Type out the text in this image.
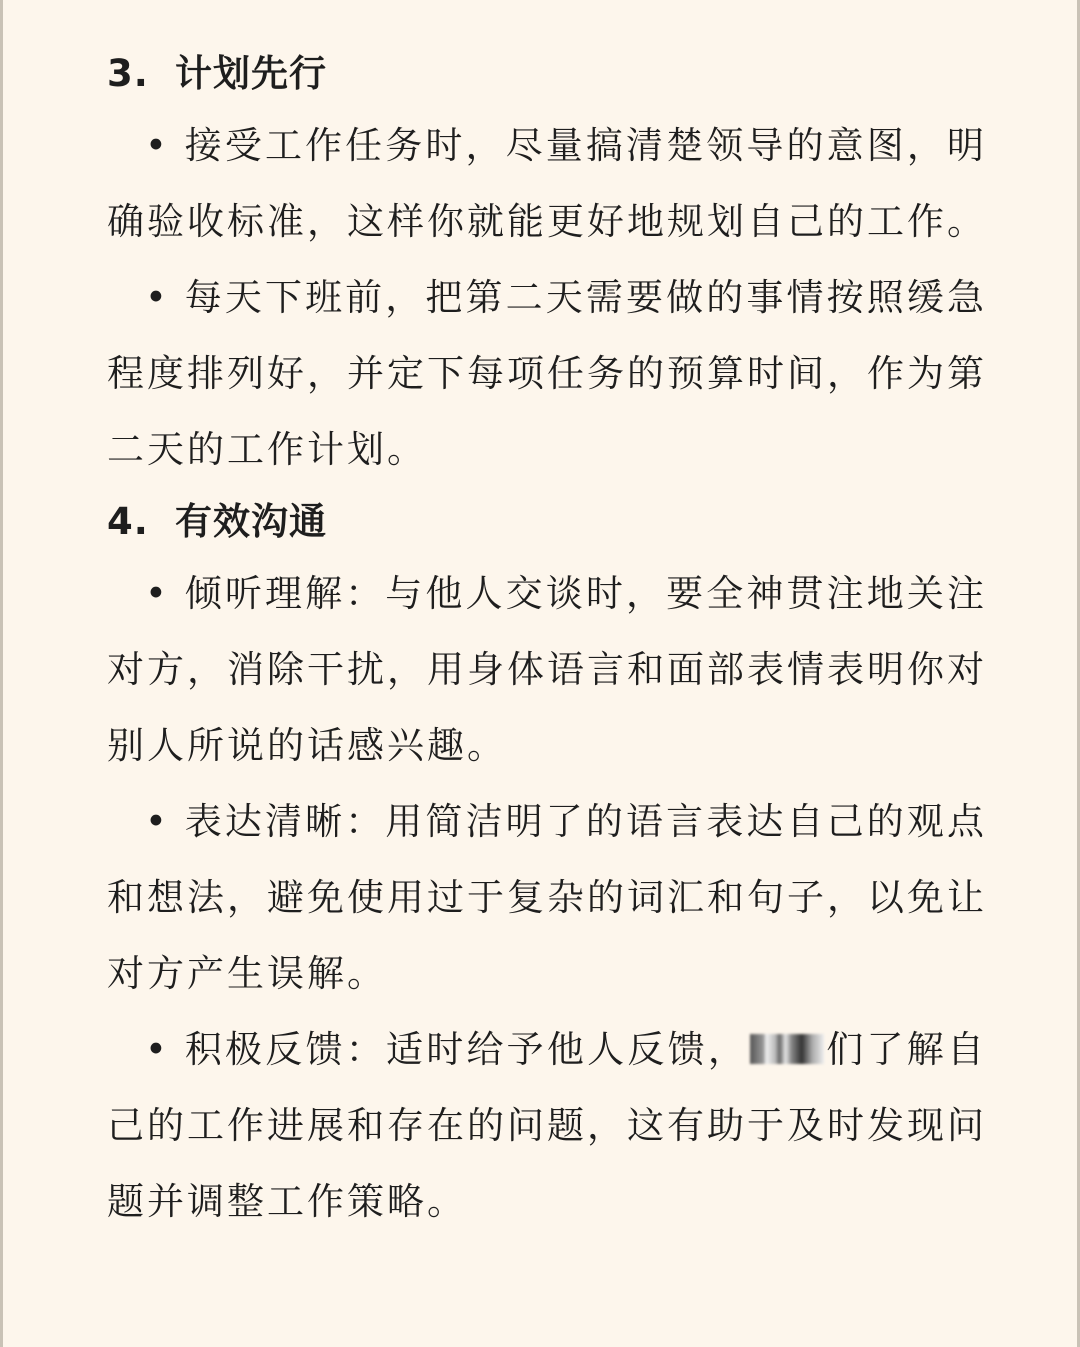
3. 计划先行

• 接受工作任务时，尽量搞清楚领导的意图，明确验收标准，这样你就能更好地规划自己的工作。

• 每天下班前，把第二天需要做的事情按照缓急程度排列好，并定下每项任务的预算时间，作为第二天的工作计划。

4. 有效沟通

• 倾听理解：与他人交谈时，要全神贯注地关注对方，消除干扰，用身体语言和面部表情表明你对别人所说的话感兴趣。

• 表达清晰：用简洁明了的语言表达自己的观点和想法，避免使用过于复杂的词汇和句子，以免让对方产生误解。

• 积极反馈：适时给予他人反馈， 们了解自己的工作进展和存在的问题，这有助于及时发现问题并调整工作策略。
